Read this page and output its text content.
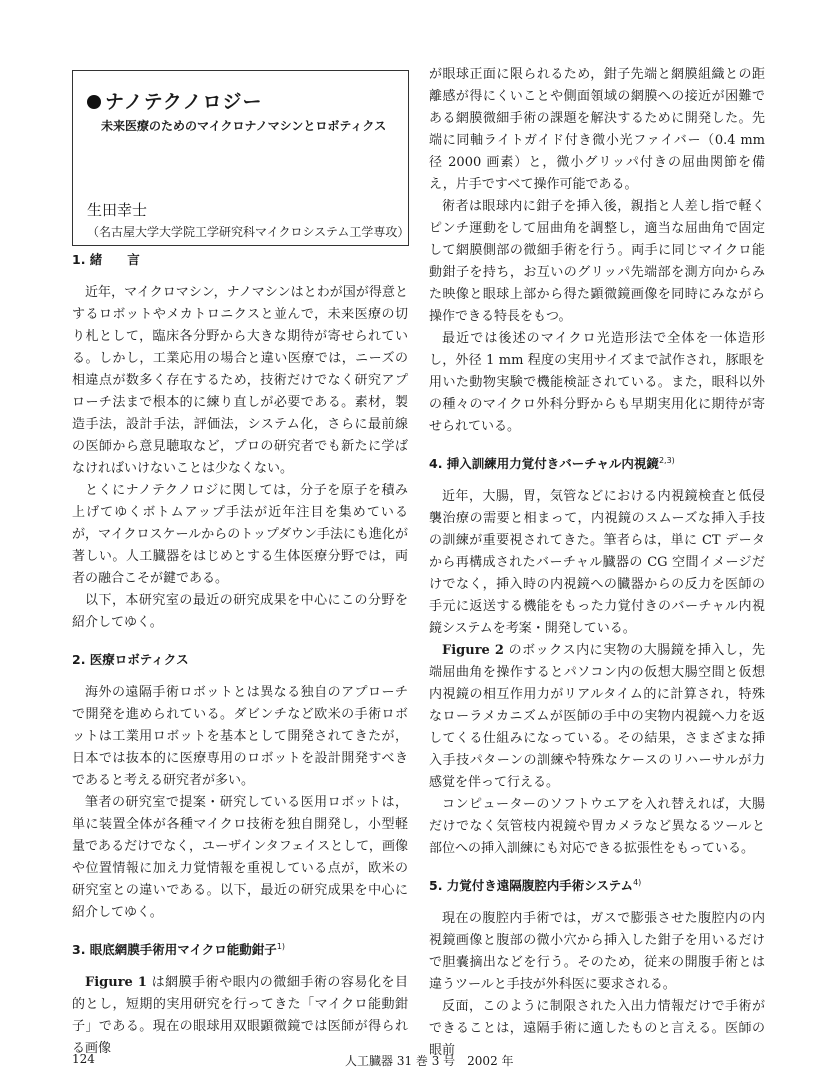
ナノテクノロジー
未来医療のためのマイクロナノマシンとロボティクス
生田幸士
（名古屋大学大学院工学研究科マイクロシステム工学専攻）
1. 緒　　言

近年，マイクロマシン，ナノマシンはとわが国が得意とするロボットやメカトロニクスと並んで，未来医療の切り札として，臨床各分野から大きな期待が寄せられている。しかし，工業応用の場合と違い医療では，ニーズの相違点が数多く存在するため，技術だけでなく研究アプローチ法まで根本的に練り直しが必要である。素材，製造手法，設計手法，評価法，システム化，さらに最前線の医師から意見聴取など，プロの研究者でも新たに学ばなければいけないことは少なくない。

とくにナノテクノロジに関しては，分子を原子を積み上げてゆくボトムアップ手法が近年注目を集めているが，マイクロスケールからのトップダウン手法にも進化が著しい。人工臓器をはじめとする生体医療分野では，両者の融合こそが鍵である。

以下，本研究室の最近の研究成果を中心にこの分野を紹介してゆく。

2. 医療ロボティクス

海外の遠隔手術ロボットとは異なる独自のアプローチで開発を進められている。ダビンチなど欧米の手術ロボットは工業用ロボットを基本として開発されてきたが，日本では抜本的に医療専用のロボットを設計開発すべきであると考える研究者が多い。

筆者の研究室で提案・研究している医用ロボットは，単に装置全体が各種マイクロ技術を独自開発し，小型軽量であるだけでなく，ユーザインタフェイスとして，画像や位置情報に加え力覚情報を重視している点が，欧米の研究室との違いである。以下，最近の研究成果を中心に紹介してゆく。

3. 眼底網膜手術用マイクロ能動鉗子$^{1)}$

Figure 1 は網膜手術や眼内の微細手術の容易化を目的とし，短期的実用研究を行ってきた「マイクロ能動鉗子」である。現在の眼球用双眼顕微鏡では医師が得られる画像

が眼球正面に限られるため，鉗子先端と網膜組織との距離感が得にくいことや側面領域の網膜への接近が困難である網膜微細手術の課題を解決するために開発した。先端に同軸ライトガイド付き微小光ファイバー（0.4 mm 径 2000 画素）と，微小グリッパ付きの屈曲関節を備え，片手ですべて操作可能である。

術者は眼球内に鉗子を挿入後，親指と人差し指で軽くピンチ運動をして屈曲角を調整し，適当な屈曲角で固定して網膜側部の微細手術を行う。両手に同じマイクロ能動鉗子を持ち，お互いのグリッパ先端部を測方向からみた映像と眼球上部から得た顕微鏡画像を同時にみながら操作できる特長をもつ。

最近では後述のマイクロ光造形法で全体を一体造形し，外径 1 mm 程度の実用サイズまで試作され，豚眼を用いた動物実験で機能検証されている。また，眼科以外の種々のマイクロ外科分野からも早期実用化に期待が寄せられている。

4. 挿入訓練用力覚付きバーチャル内視鏡$^{2,3)}$

近年，大腸，胃，気管などにおける内視鏡検査と低侵襲治療の需要と相まって，内視鏡のスムーズな挿入手技の訓練が重要視されてきた。筆者らは，単に CT データから再構成されたバーチャル臓器の CG 空間イメージだけでなく，挿入時の内視鏡への臓器からの反力を医師の手元に返送する機能をもった力覚付きのバーチャル内視鏡システムを考案・開発している。

Figure 2 のボックス内に実物の大腸鏡を挿入し，先端屈曲角を操作するとパソコン内の仮想大腸空間と仮想内視鏡の相互作用力がリアルタイム的に計算され，特殊なローラメカニズムが医師の手中の実物内視鏡へ力を返してくる仕組みになっている。その結果，さまざまな挿入手技パターンの訓練や特殊なケースのリハーサルが力感覚を伴って行える。

コンピューターのソフトウエアを入れ替えれば，大腸だけでなく気管枝内視鏡や胃カメラなど異なるツールと部位への挿入訓練にも対応できる拡張性をもっている。

5. 力覚付き遠隔腹腔内手術システム$^{4)}$

現在の腹腔内手術では，ガスで膨張させた腹腔内の内視鏡画像と腹部の微小穴から挿入した鉗子を用いるだけで胆嚢摘出などを行う。そのため，従来の開腹手術とは違うツールと手技が外科医に要求される。

反面，このように制限された入出力情報だけで手術ができることは，遠隔手術に適したものと言える。医師の眼前

124	人工臓器 31 巻 3 号　2002 年
